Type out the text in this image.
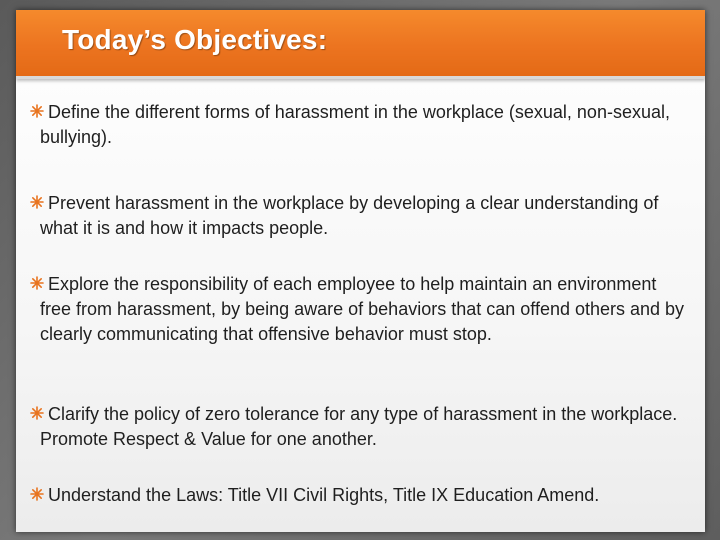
Today’s Objectives:
Define the different forms of harassment in the workplace (sexual, non-sexual, bullying).
Prevent harassment in the workplace by developing a clear understanding of what it is and how it impacts people.
Explore the responsibility of each employee to help maintain an environment free from harassment, by being aware of behaviors that can offend others and by clearly communicating that offensive behavior must stop.
Clarify the policy of zero tolerance for any type of harassment in the workplace. Promote Respect & Value for one another.
Understand the Laws: Title VII Civil Rights, Title IX Education Amend.
